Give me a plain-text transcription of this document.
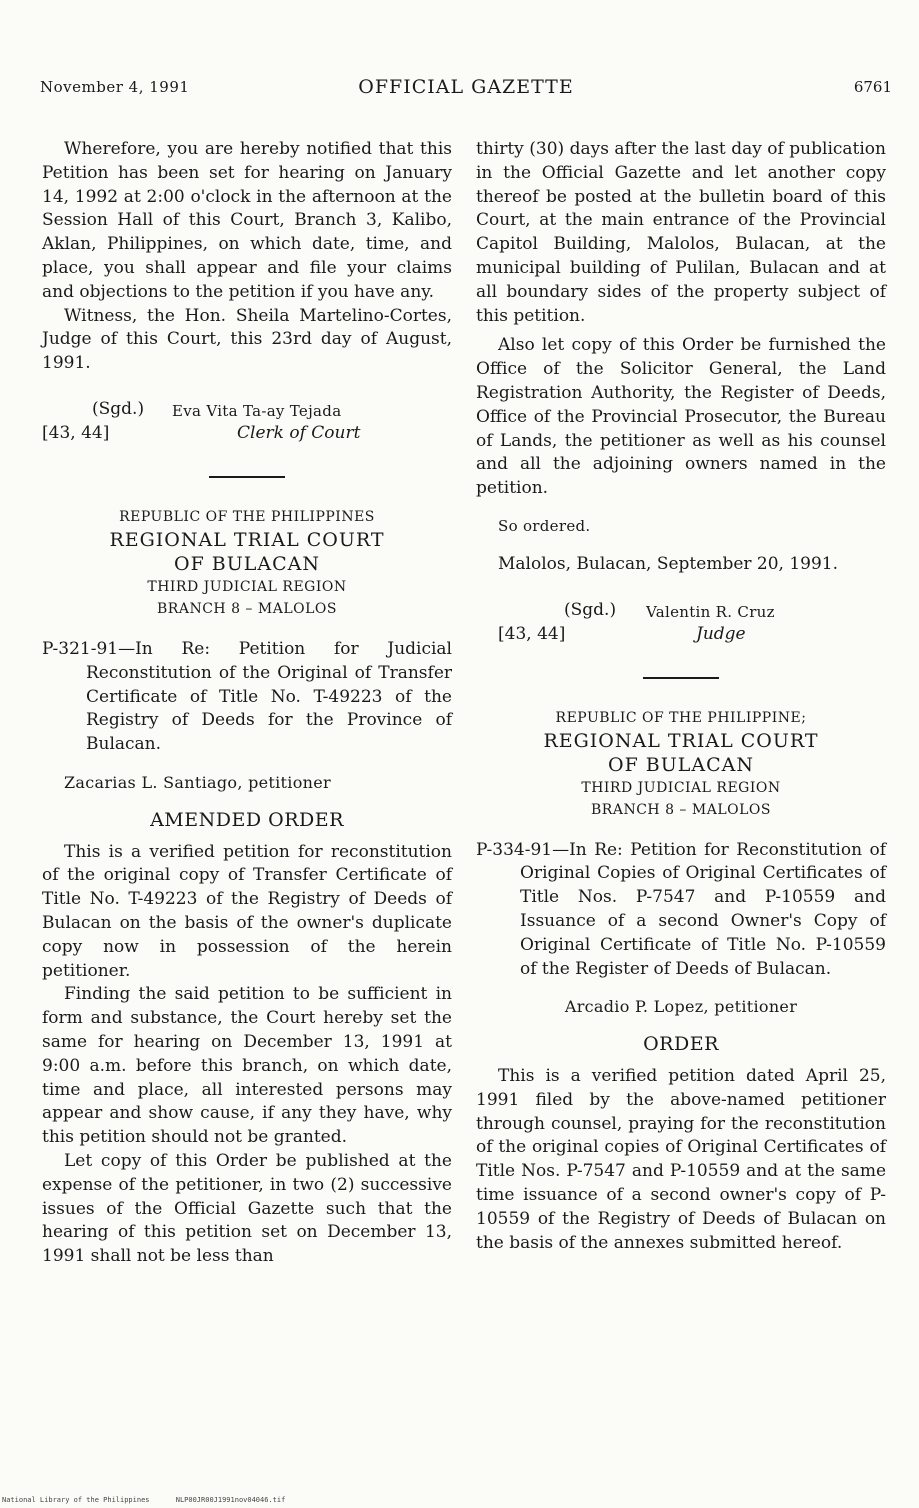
November 4, 1991	OFFICIAL GAZETTE	6761

Wherefore, you are hereby notified that this Petition has been set for hearing on January 14, 1992 at 2:00 o'clock in the afternoon at the Session Hall of this Court, Branch 3, Kalibo, Aklan, Philippines, on which date, time, and place, you shall appear and file your claims and objections to the petition if you have any.

Witness, the Hon. Sheila Martelino-Cortes, Judge of this Court, this 23rd day of August, 1991.

(Sgd.) Eva Vita Ta-ay Tejada
[43, 44]	Clerk of Court
REPUBLIC OF THE PHILIPPINES
REGIONAL TRIAL COURT
OF BULACAN
THIRD JUDICIAL REGION
BRANCH 8 – MALOLOS

P-321-91—In Re: Petition for Judicial Reconstitution of the Original of Transfer Certificate of Title No. T-49223 of the Registry of Deeds for the Province of Bulacan.

Zacarias L. Santiago, petitioner

AMENDED ORDER

This is a verified petition for reconstitution of the original copy of Transfer Certificate of Title No. T-49223 of the Registry of Deeds of Bulacan on the basis of the owner's duplicate copy now in possession of the herein petitioner.

Finding the said petition to be sufficient in form and substance, the Court hereby set the same for hearing on December 13, 1991 at 9:00 a.m. before this branch, on which date, time and place, all interested persons may appear and show cause, if any they have, why this petition should not be granted.

Let copy of this Order be published at the expense of the petitioner, in two (2) successive issues of the Official Gazette such that the hearing of this petition set on December 13, 1991 shall not be less than

thirty (30) days after the last day of publication in the Official Gazette and let another copy thereof be posted at the bulletin board of this Court, at the main entrance of the Provincial Capitol Building, Malolos, Bulacan, at the municipal building of Pulilan, Bulacan and at all boundary sides of the property subject of this petition.

Also let copy of this Order be furnished the Office of the Solicitor General, the Land Registration Authority, the Register of Deeds, Office of the Provincial Prosecutor, the Bureau of Lands, the petitioner as well as his counsel and all the adjoining owners named in the petition.

So ordered.

Malolos, Bulacan, September 20, 1991.

(Sgd.) Valentin R. Cruz
[43, 44]	Judge
REPUBLIC OF THE PHILIPPINE;
REGIONAL TRIAL COURT
OF BULACAN
THIRD JUDICIAL REGION
BRANCH 8 – MALOLOS

P-334-91—In Re: Petition for Reconstitution of Original Copies of Original Certificates of Title Nos. P-7547 and P-10559 and Issuance of a second Owner's Copy of Original Certificate of Title No. P-10559 of the Register of Deeds of Bulacan.

Arcadio P. Lopez, petitioner

ORDER

This is a verified petition dated April 25, 1991 filed by the above-named petitioner through counsel, praying for the reconstitution of the original copies of Original Certificates of Title Nos. P-7547 and P-10559 and at the same time issuance of a second owner's copy of P-10559 of the Registry of Deeds of Bulacan on the basis of the annexes submitted hereof.

National Library of the Philippines	NLP00JR00J1991nov04046.tif
